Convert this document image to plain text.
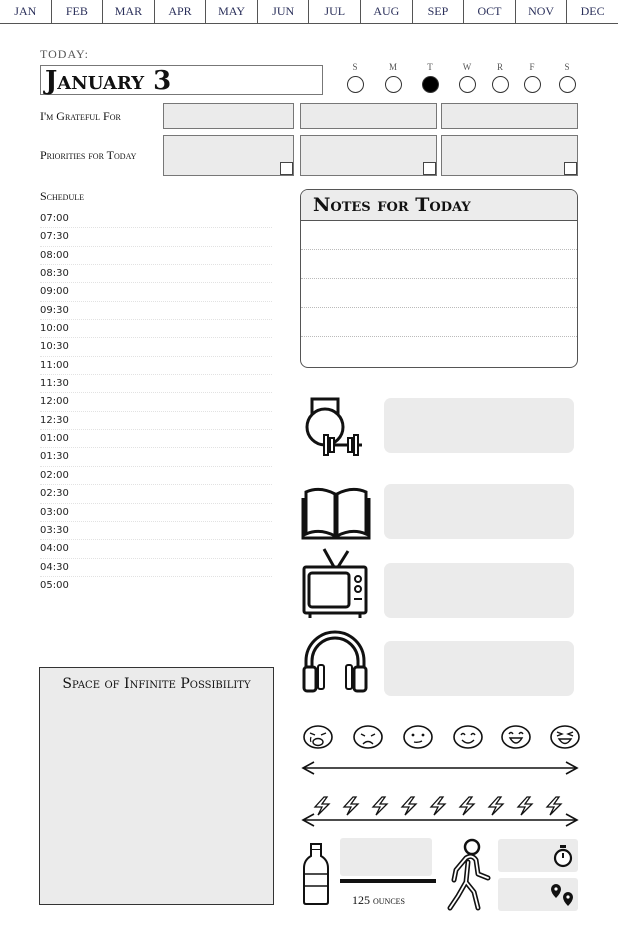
JAN	FEB	MAR	APR	MAY	JUN	JUL	AUG	SEP	OCT	NOV	DEC
TODAY:
January 3	S	M	T	W	R	F	S
I'm Grateful For
Priorities for Today
Schedule
07:00
07:30
08:00
08:30
09:00
09:30
10:00
10:30
11:00
11:30
12:00
12:30
01:00
01:30
02:00
02:30
03:00
03:30
04:00
04:30
05:00
Notes for Today
Space of Infinite Possibility
125 ounces
